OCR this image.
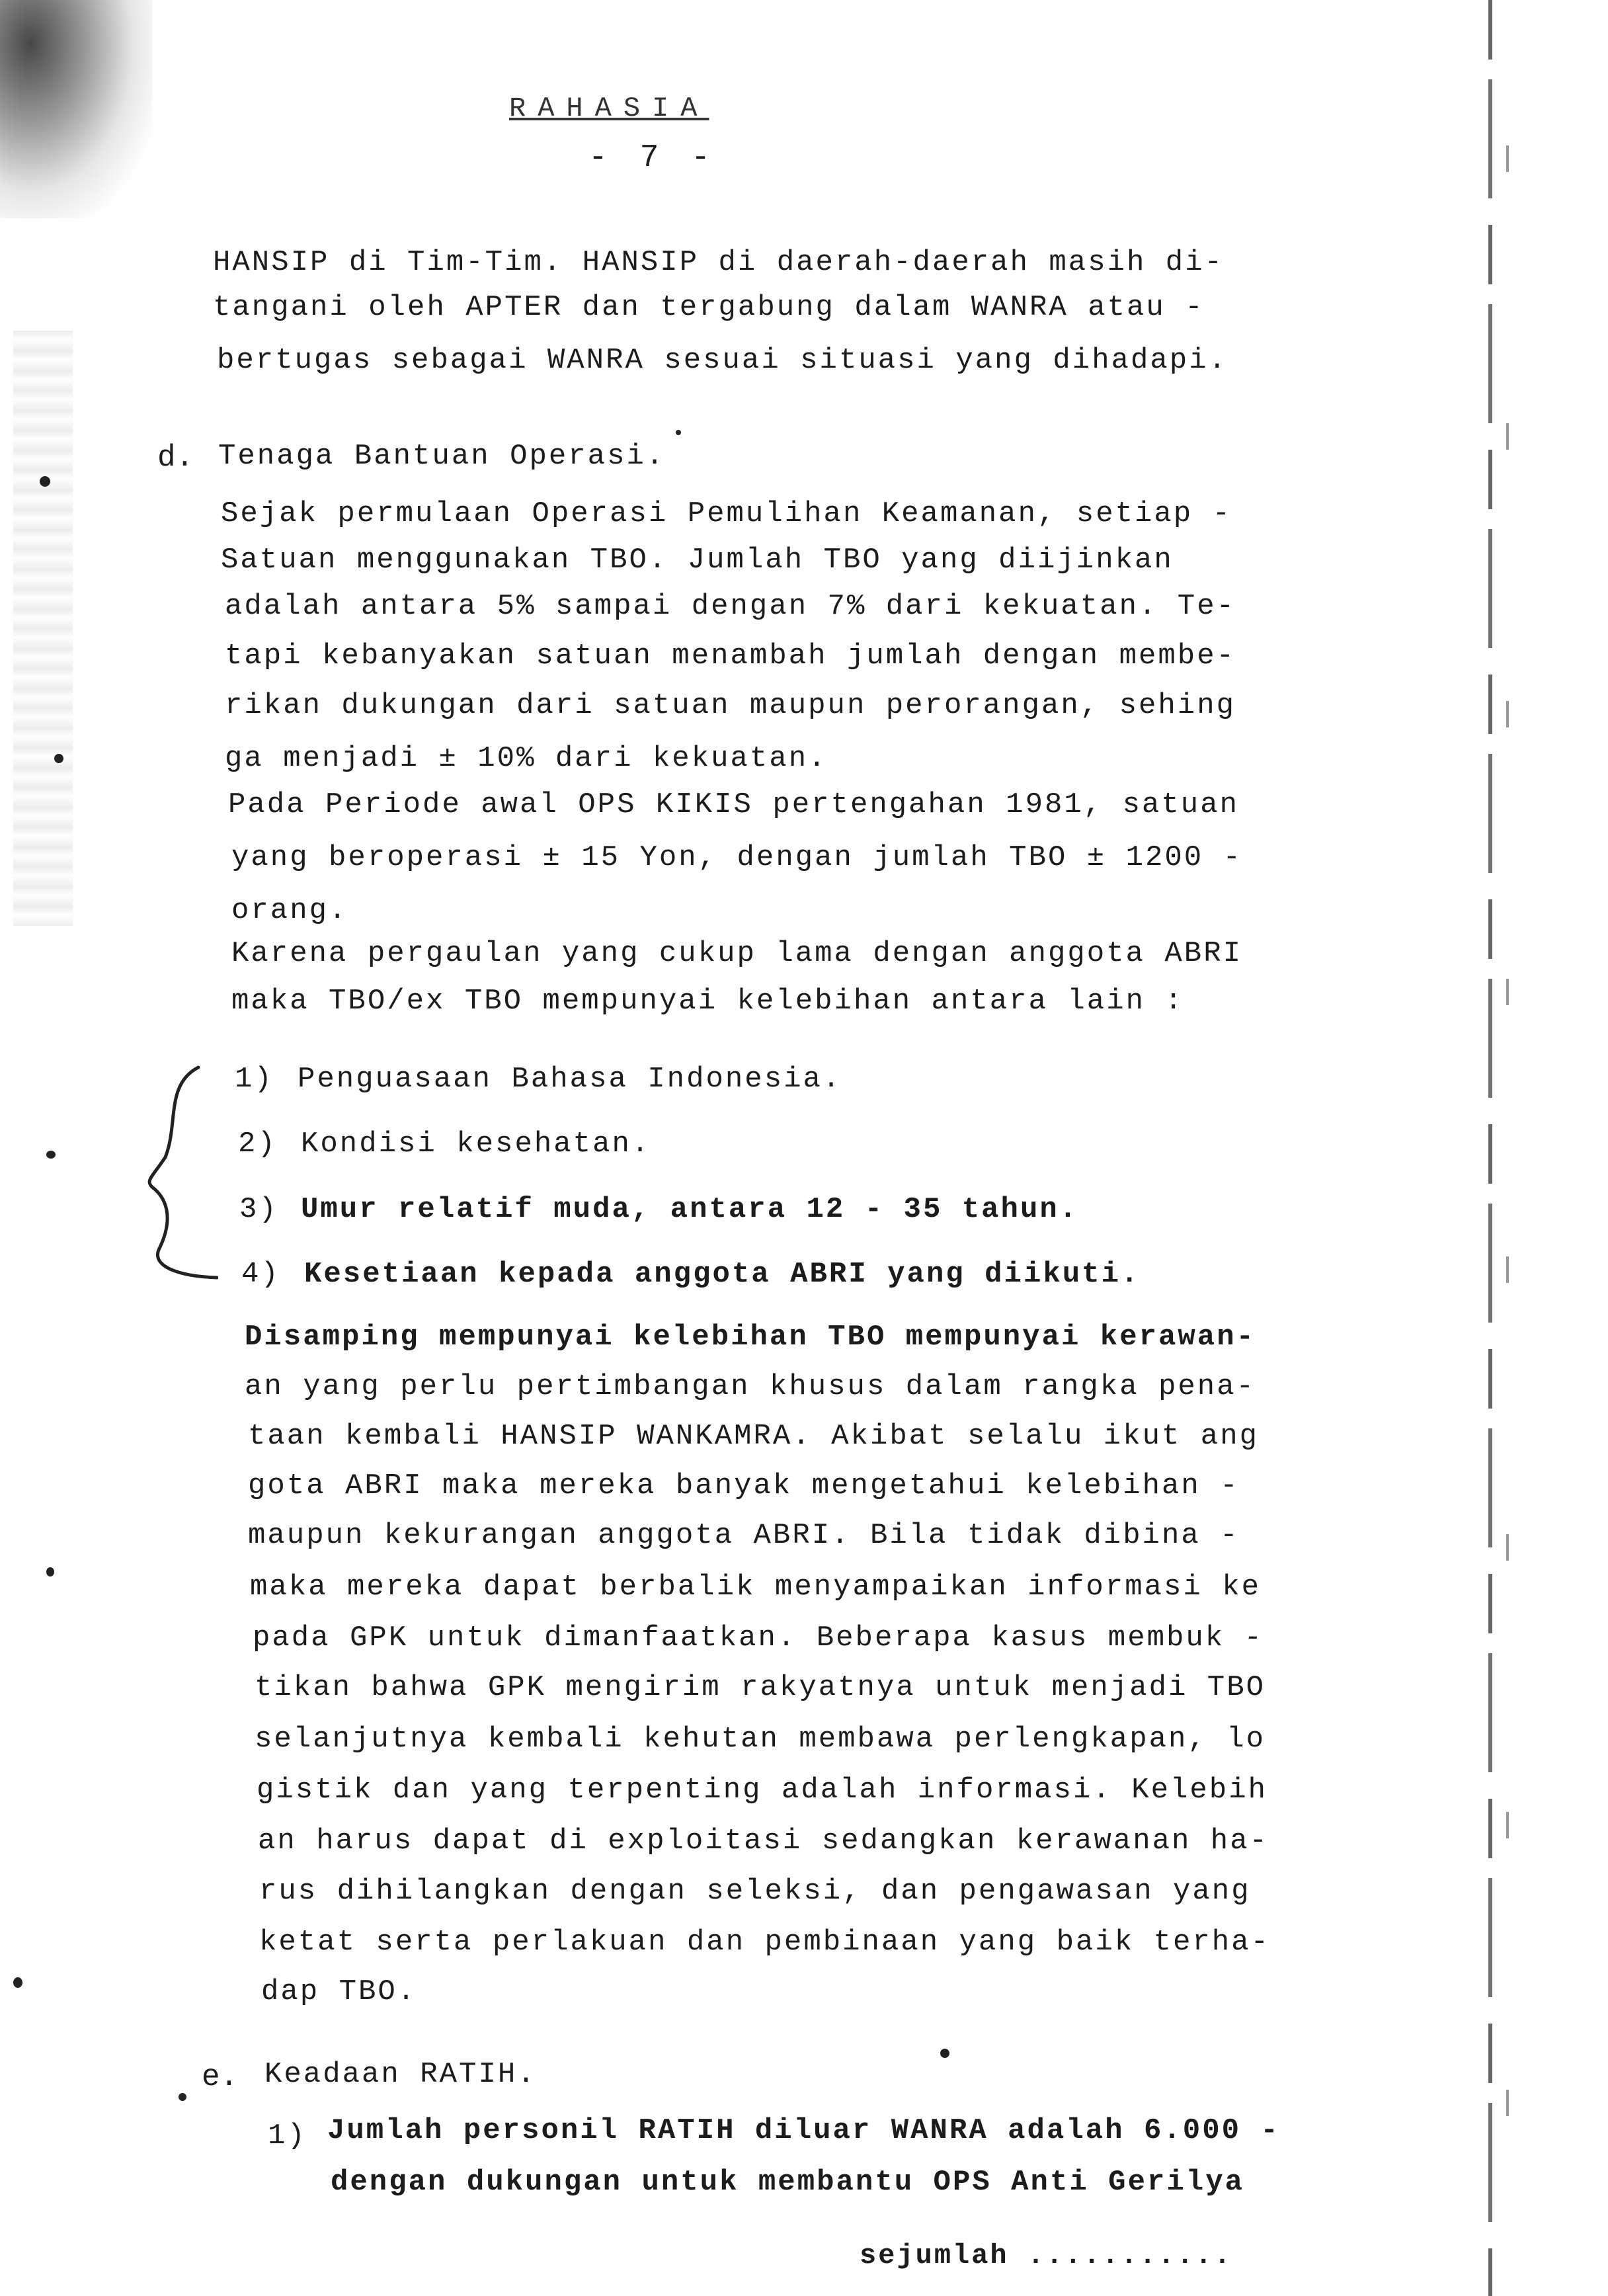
RAHASIA
- 7 -
HANSIP di Tim-Tim. HANSIP di daerah-daerah masih di-
tangani oleh APTER dan tergabung dalam WANRA atau -
bertugas sebagai WANRA sesuai situasi yang dihadapi.
d. Tenaga Bantuan Operasi.
Sejak permulaan Operasi Pemulihan Keamanan, setiap -
Satuan menggunakan TBO. Jumlah TBO yang diijinkan
adalah antara 5% sampai dengan 7% dari kekuatan. Te-
tapi kebanyakan satuan menambah jumlah dengan membe-
rikan dukungan dari satuan maupun perorangan, sehing
ga menjadi ± 10% dari kekuatan.
Pada Periode awal OPS KIKIS pertengahan 1981, satuan
yang beroperasi ± 15 Yon, dengan jumlah TBO ± 1200 -
orang.
Karena pergaulan yang cukup lama dengan anggota ABRI
maka TBO/ex TBO mempunyai kelebihan antara lain :
1) Penguasaan Bahasa Indonesia.
2) Kondisi kesehatan.
3) Umur relatif muda, antara 12 - 35 tahun.
4) Kesetiaan kepada anggota ABRI yang diikuti.
Disamping mempunyai kelebihan TBO mempunyai kerawan-
an yang perlu pertimbangan khusus dalam rangka pena-
taan kembali HANSIP WANKAMRA. Akibat selalu ikut ang
gota ABRI maka mereka banyak mengetahui kelebihan -
maupun kekurangan anggota ABRI. Bila tidak dibina -
maka mereka dapat berbalik menyampaikan informasi ke
pada GPK untuk dimanfaatkan. Beberapa kasus membuk -
tikan bahwa GPK mengirim rakyatnya untuk menjadi TBO
selanjutnya kembali kehutan membawa perlengkapan, lo
gistik dan yang terpenting adalah informasi. Kelebih
an harus dapat di exploitasi sedangkan kerawanan ha-
rus dihilangkan dengan seleksi, dan pengawasan yang
ketat serta perlakuan dan pembinaan yang baik terha-
dap TBO.
e. Keadaan RATIH.
1) Jumlah personil RATIH diluar WANRA adalah 6.000 -
dengan dukungan untuk membantu OPS Anti Gerilya
sejumlah ...........
